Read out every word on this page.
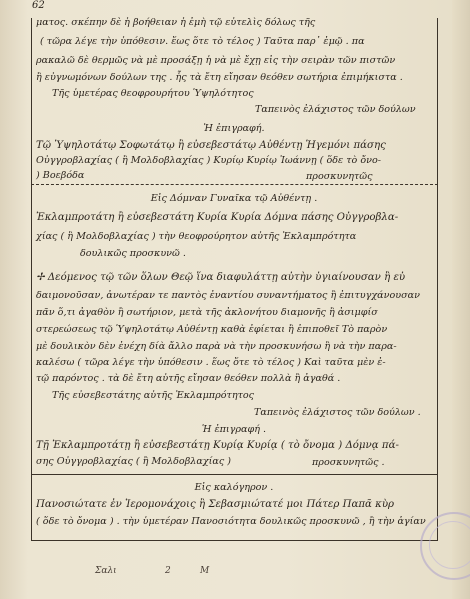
62
ματος. σκέπην δὲ ἡ βοήθειαν ἡ ἐμὴ τῷ εὐτελὶς δόλως τῆς
( τῶρα λέγε τὴν ὑπόθεσιν. ἕως ὅτε τὸ τέλος ) Ταῦτα παρ᾿ ἐμῷ . πα
ρακαλῶ δὲ θερμῶς νὰ μὲ προσάξῃ ἡ νὰ μὲ ἔχῃ εἰς τὴν σειρὰν τῶν πιστῶν
ἢ εὐγνωμόνων δούλων της . ἧς τὰ ἔτη εἴησαν θεόθεν σωτήρια ἐπιμήκιστα .
Τῆς ὑμετέρας θεοφρουρήτου Ὑψηλότητος
Ταπεινὸς ἐλάχιστος τῶν δούλων
Ἡ ἐπιγραφή.
Τῷ Ὑψηλοτάτῳ Σοφωτάτῳ ἢ εὐσεβεστάτῳ Αὐθέντῃ Ἡγεμόνι πάσης
Οὐγγροβλαχίας ( ἢ Μολδοβλαχίας ) Κυρίῳ Κυρίῳ Ἰωάννῃ ( ὅδε τὸ ὄνο-
) Βοεβόδα	προσκυνητῶς
Εἰς Δόμναν Γυναῖκα τῷ Αὐθέντῃ .
Ἐκλαμπροτάτη ἢ εὐσεβεστάτη Κυρία Κυρία Δόμνα πάσης Οὐγγροβλα-
χίας ( ἢ Μολδοβλαχίας ) τὴν θεοφρούρητον αὐτῆς Ἐκλαμπρότητα
δουλικῶς προσκυνῶ .
✢ Δεόμενος τῷ τῶν ὅλων Θεῷ ἵνα διαφυλάττῃ αὐτὴν ὑγιαίνουσαν ἢ εὐ
δαιμονοῦσαν, ἀνωτέραν τε παντὸς ἐναντίου συναντήματος ἢ ἐπιτυγχάνουσαν
πᾶν ὅ,τι ἀγαθὸν ἢ σωτήριον, μετὰ τῆς ἀκλονήτου διαμονῆς ἢ ἀσιμφίσ
στερεώσεως τῷ Ὑψηλοτάτῳ Αὐθέντῃ καθὰ ἐφίεται ἢ ἐπιποθεῖ Τὸ παρὸν
μὲ δουλικὸν δὲν ἐνέχη δίὰ ἄλλο παρὰ νὰ τὴν προσκυνήσω ἢ νὰ τὴν παρα-
καλέσω ( τῶρα λέγε τὴν ὑπόθεσιν . ἕως ὅτε τὸ τέλος ) Καὶ ταῦτα μὲν ἐ-
τῷ παρόντος . τὰ δὲ ἔτη αὐτῆς εἴησαν θεόθεν πολλὰ ἢ ἀγαθά .
Τῆς εὐσεβεστάτης αὐτῆς Ἐκλαμπρότητος
Ταπεινὸς ἐλάχιστος τῶν δούλων .
Ἡ ἐπιγραφή .
Τῇ Ἐκλαμπροτάτῃ ἢ εὐσεβεστάτῃ Κυρίᾳ Κυρίᾳ ( τὸ ὄνομα ) Δόμνᾳ πά-
σης Οὐγγροβλαχίας ( ἢ Μολδοβλαχίας )	προσκυνητῶς .
Εἰς καλόγηρον .
Πανοσιώτατε ἐν Ἱερομονάχοις ἢ Σεβασμιώτατέ μοι Πάτερ Παπᾶ κὺρ
( ὅδε τὸ ὄνομα ) . τὴν ὑμετέραν Πανοσιότητα δουλικῶς προσκυνῶ , ἢ τὴν ἁγίαν
Σαλι	2	Μ
